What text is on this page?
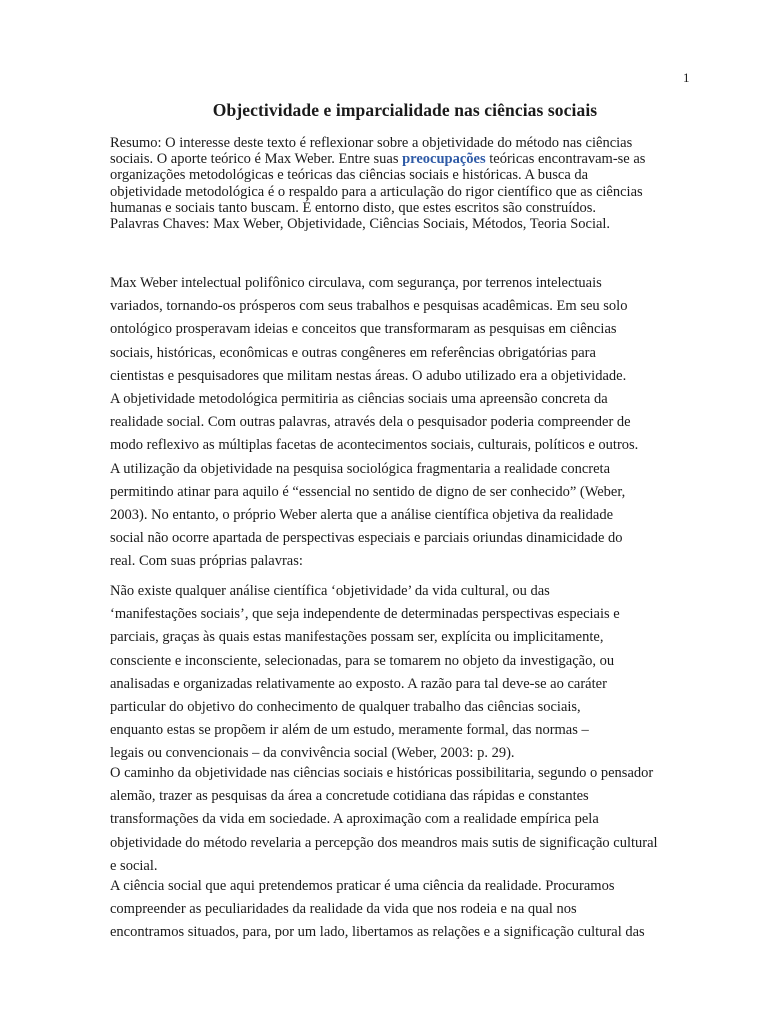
1
Objectividade e imparcialidade nas ciências sociais
Resumo: O interesse deste texto é reflexionar sobre a objetividade do método nas ciências
sociais. O aporte teórico é Max Weber. Entre suas preocupações teóricas encontravam-se as
organizações metodológicas e teóricas das ciências sociais e históricas. A busca da
objetividade metodológica é o respaldo para a articulação do rigor científico que as ciências
humanas e sociais tanto buscam. É entorno disto, que estes escritos são construídos.
Palavras Chaves: Max Weber, Objetividade, Ciências Sociais, Métodos, Teoria Social.
Max Weber intelectual polifônico circulava, com segurança, por terrenos intelectuais
variados, tornando-os prósperos com seus trabalhos e pesquisas acadêmicas. Em seu solo
ontológico prosperavam ideias e conceitos que transformaram as pesquisas em ciências
sociais, históricas, econômicas e outras congêneres em referências obrigatórias para
cientistas e pesquisadores que militam nestas áreas. O adubo utilizado era a objetividade.
A objetividade metodológica permitiria as ciências sociais uma apreensão concreta da
realidade social. Com outras palavras, através dela o pesquisador poderia compreender de
modo reflexivo as múltiplas facetas de acontecimentos sociais, culturais, políticos e outros.
A utilização da objetividade na pesquisa sociológica fragmentaria a realidade concreta
permitindo atinar para aquilo é “essencial no sentido de digno de ser conhecido” (Weber,
2003). No entanto, o próprio Weber alerta que a análise científica objetiva da realidade
social não ocorre apartada de perspectivas especiais e parciais oriundas dinamicidade do
real. Com suas próprias palavras:
Não existe qualquer análise científica ‘objetividade’ da vida cultural, ou das
‘manifestações sociais’, que seja independente de determinadas perspectivas especiais e
parciais, graças às quais estas manifestações possam ser, explícita ou implicitamente,
consciente e inconsciente, selecionadas, para se tomarem no objeto da investigação, ou
analisadas e organizadas relativamente ao exposto. A razão para tal deve-se ao caráter
particular do objetivo do conhecimento de qualquer trabalho das ciências sociais,
enquanto estas se propõem ir além de um estudo, meramente formal, das normas –
legais ou convencionais – da convivência social (Weber, 2003: p. 29).
O caminho da objetividade nas ciências sociais e históricas possibilitaria, segundo o pensador
alemão, trazer as pesquisas da área a concretude cotidiana das rápidas e constantes
transformações da vida em sociedade. A aproximação com a realidade empírica pela
objetividade do método revelaria a percepção dos meandros mais sutis de significação cultural
e social.
A ciência social que aqui pretendemos praticar é uma ciência da realidade. Procuramos
compreender as peculiaridades da realidade da vida que nos rodeia e na qual nos
encontramos situados, para, por um lado, libertamos as relações e a significação cultural das
